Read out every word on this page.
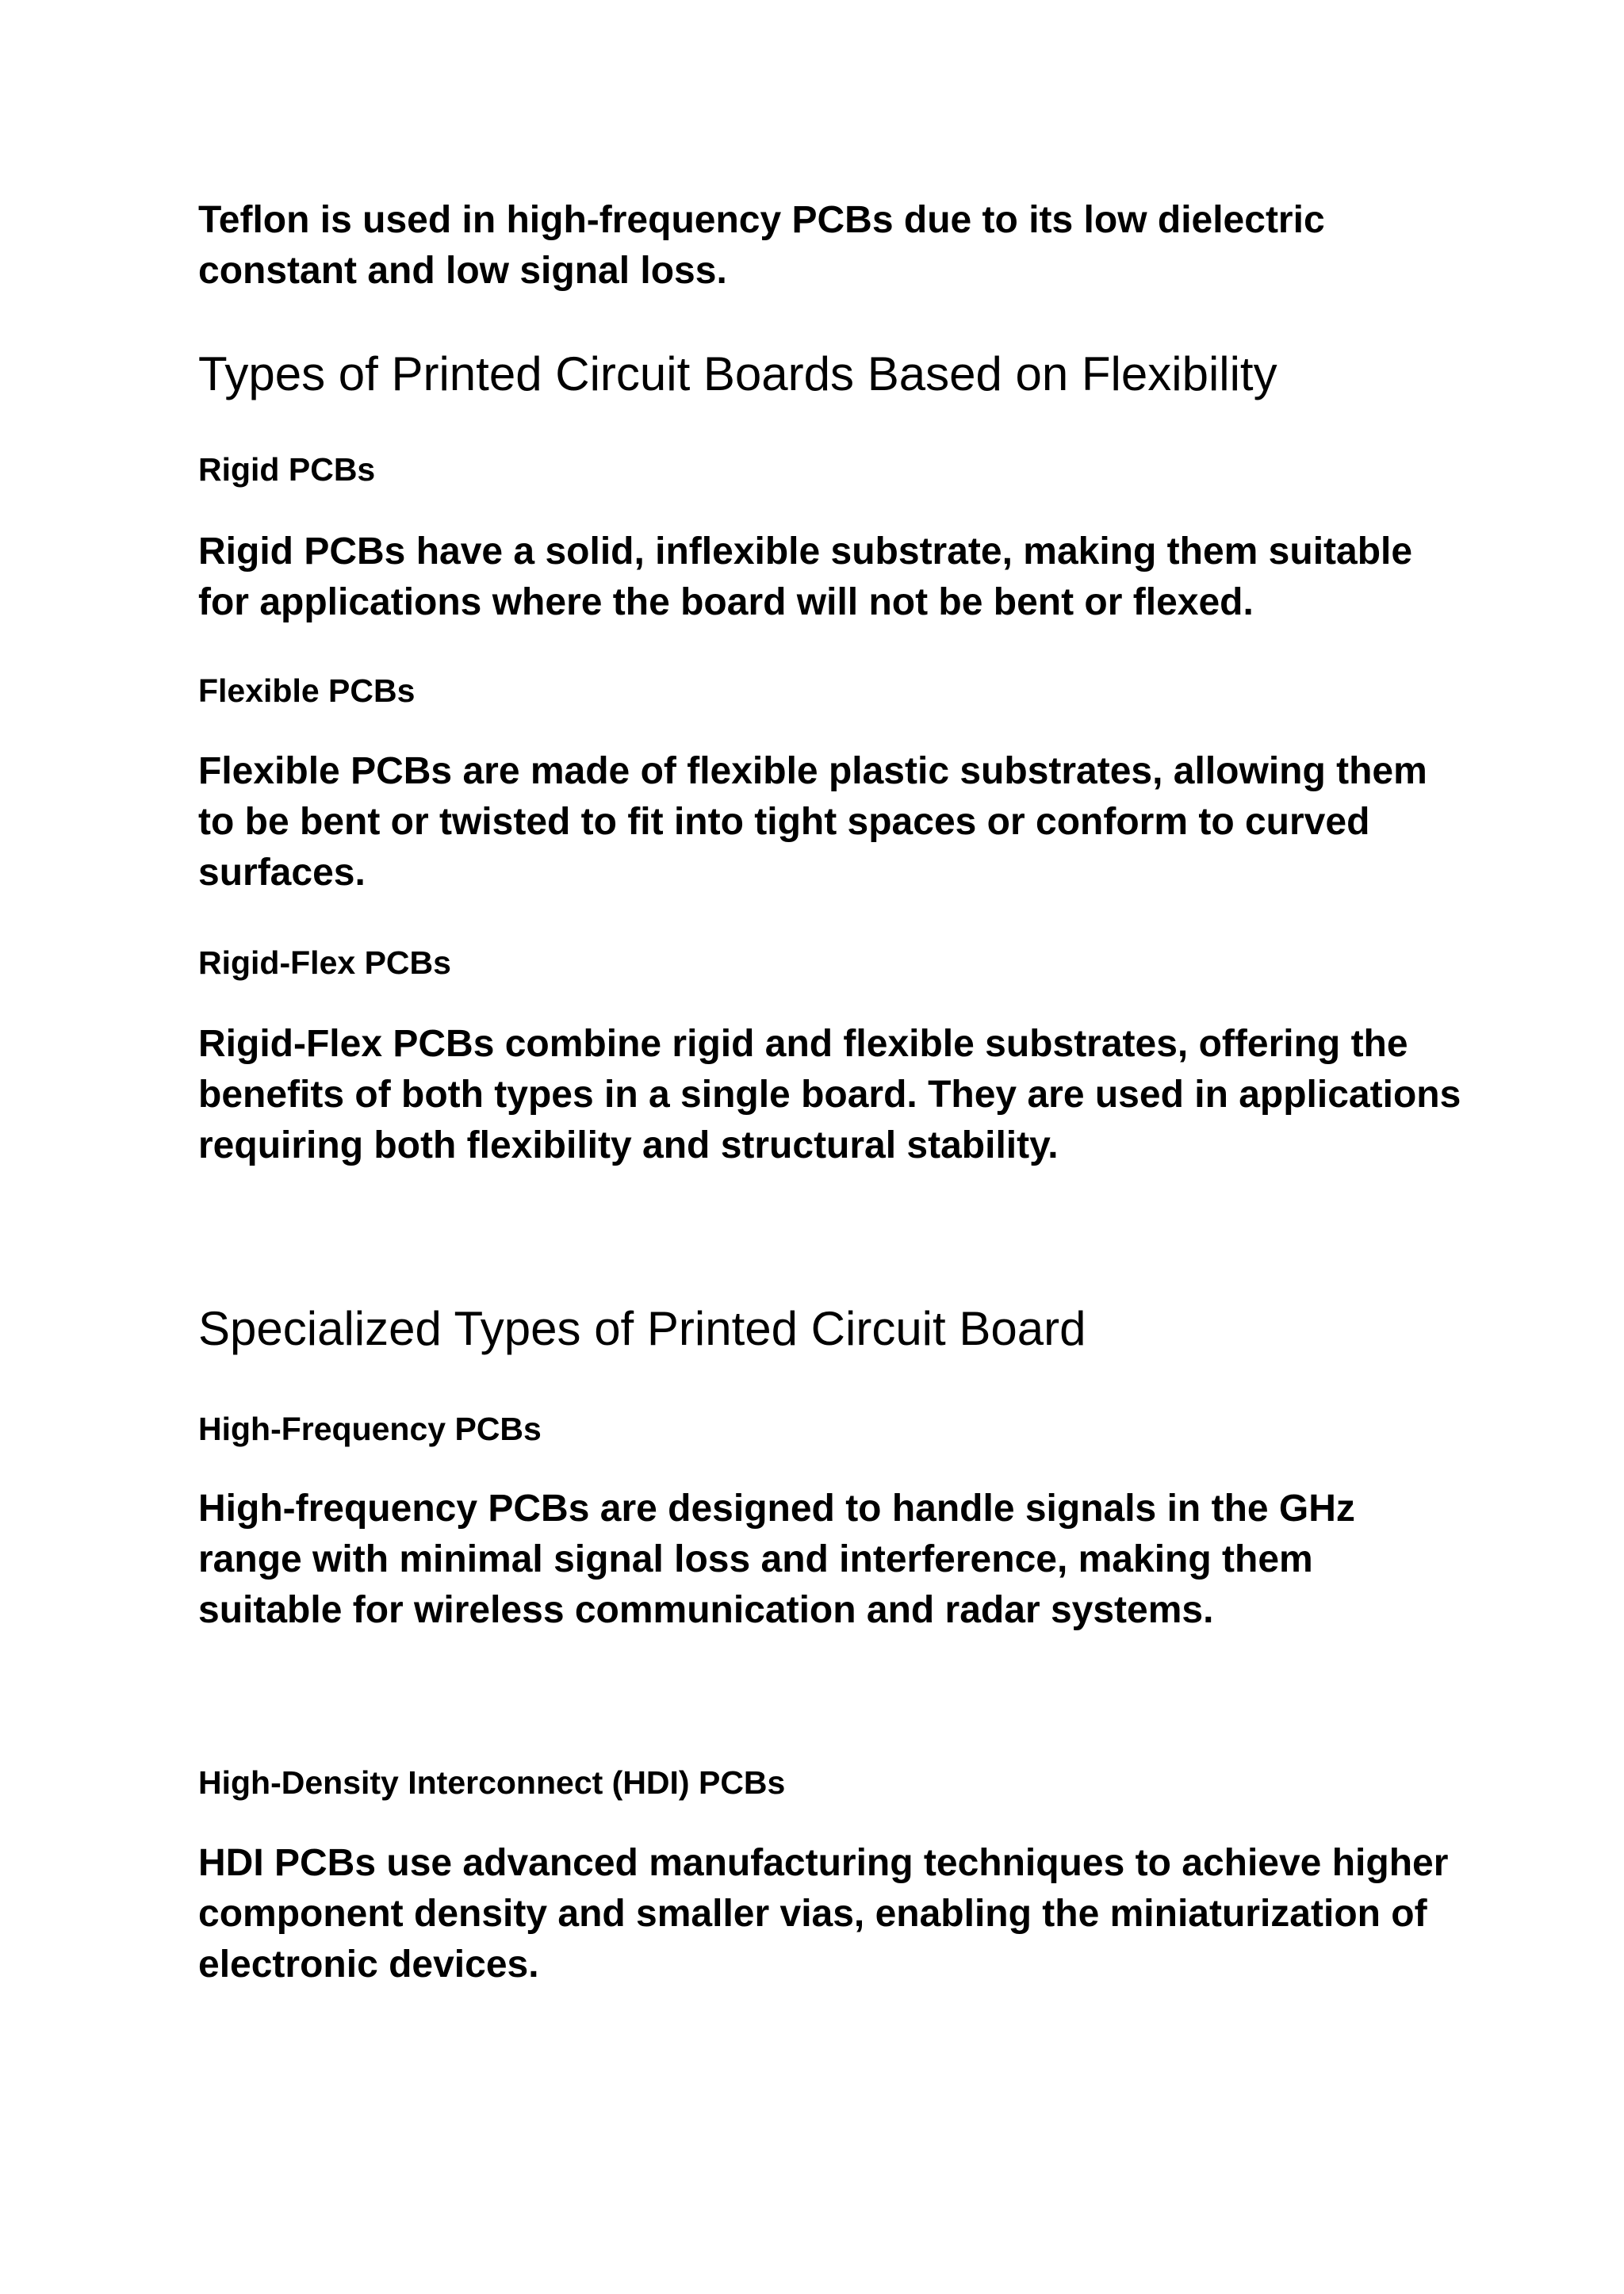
Teflon is used in high-frequency PCBs due to its low dielectric constant and low signal loss.

Types of Printed Circuit Boards Based on Flexibility
Rigid PCBs

Rigid PCBs have a solid, inflexible substrate, making them suitable for applications where the board will not be bent or flexed.

Flexible PCBs

Flexible PCBs are made of flexible plastic substrates, allowing them to be bent or twisted to fit into tight spaces or conform to curved surfaces.

Rigid-Flex PCBs

Rigid-Flex PCBs combine rigid and flexible substrates, offering the benefits of both types in a single board. They are used in applications requiring both flexibility and structural stability.

Specialized Types of Printed Circuit Board
High-Frequency PCBs

High-frequency PCBs are designed to handle signals in the GHz range with minimal signal loss and interference, making them suitable for wireless communication and radar systems.

High-Density Interconnect (HDI) PCBs

HDI PCBs use advanced manufacturing techniques to achieve higher component density and smaller vias, enabling the miniaturization of electronic devices.
